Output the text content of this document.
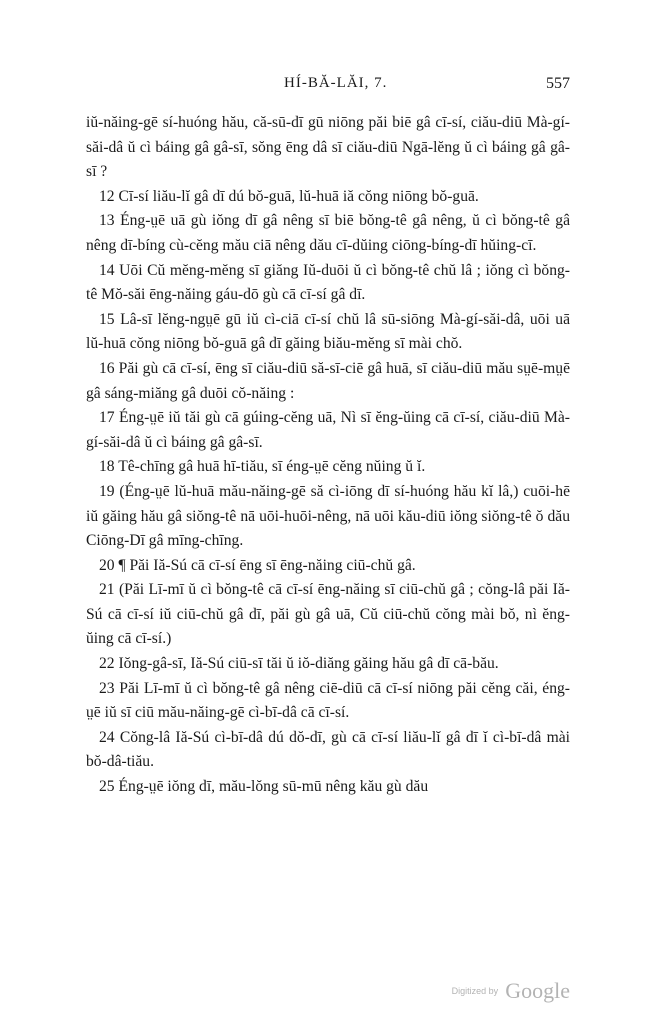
HÍ-BĂ-LĂI, 7.	557

iŭ-năing-gē sí-huóng hău, că-sū-dī gū niōng păi biē gâ cī-sí, ciău-diū Mà-gí-săi-dâ ŭ cì báing gâ gâ-sī, sŏng ēng dâ sī ciău-diū Ngā-lĕng ŭ cì báing gâ gâ-sī ?

12 Cī-sí liău-lĭ gâ dī dú bŏ-guā, lŭ-huā iă cŏng niōng bŏ-guā.

13 Éng-ṳē uā gù iŏng dī gâ nêng sī biē bŏng-tê gâ nêng, ŭ cì bŏng-tê gâ nêng dī-bíng cù-cĕng mău ciā nêng dău cī-dŭing ciōng-bíng-dī hŭing-cī.

14 Uōi Cŭ mĕng-mĕng sī giăng Iŭ-duōi ŭ cì bŏng-tê chŭ lâ ; iŏng cì bŏng-tê Mŏ-săi ēng-năing gáu-dō gù cā cī-sí gâ dī.

15 Lâ-sī lĕng-ngṳē gū iŭ cì-ciā cī-sí chŭ lâ sū-siōng Mà-gí-săi-dâ, uōi uā lŭ-huā cŏng niōng bŏ-guā gâ dī găing biău-mĕng sī mài chŏ.

16 Păi gù cā cī-sí, ēng sī ciău-diū să-sī-ciē gâ huā, sī ciău-diū mău sṳē-mṳē gâ sáng-miăng gâ duōi cŏ-năing :

17 Éng-ṳē iŭ tăi gù cā gúing-cĕng uā, Nì sī ĕng-ŭing cā cī-sí, ciău-diū Mà-gí-săi-dâ ŭ cì báing gâ gâ-sī.

18 Tê-chīng gâ huā hī-tiău, sī éng-ṳē cĕng nŭing ŭ ĭ.

19 (Éng-ṳē lŭ-huā mău-năing-gē să cì-iōng dī sí-huóng hău kĭ lâ,) cuōi-hē iŭ găing hău gâ siŏng-tê nā uōi-huōi-nêng, nā uōi kău-diū iŏng siŏng-tê ŏ dău Ciōng-Dī gâ mīng-chīng.

20 ¶ Păi Iă-Sú cā cī-sí ēng sī ēng-năing ciū-chŭ gâ.

21 (Păi Lī-mī ŭ cì bŏng-tê cā cī-sí ēng-năing sī ciū-chŭ gâ ; cŏng-lâ păi Iă-Sú cā cī-sí iŭ ciū-chŭ gâ dī, păi gù gâ uā, Cŭ ciū-chŭ cŏng mài bŏ, nì ĕng-ŭing cā cī-sí.)

22 Iŏng-gâ-sī, Iă-Sú ciū-sī tăi ŭ iŏ-diăng găing hău gâ dī cā-bău.

23 Păi Lī-mī ŭ cì bŏng-tê gâ nêng ciē-diū cā cī-sí niōng păi cĕng căi, éng-ṳē iŭ sī ciū mău-năing-gē cì-bī-dâ cā cī-sí.

24 Cŏng-lâ Iă-Sú cì-bī-dâ dú dŏ-dī, gù cā cī-sí liău-lĭ gâ dī ĭ cì-bī-dâ mài bŏ-dâ-tiău.

25 Éng-ṳē iŏng dī, mău-lŏng sū-mū nêng kău gù dău

Digitized by Google
